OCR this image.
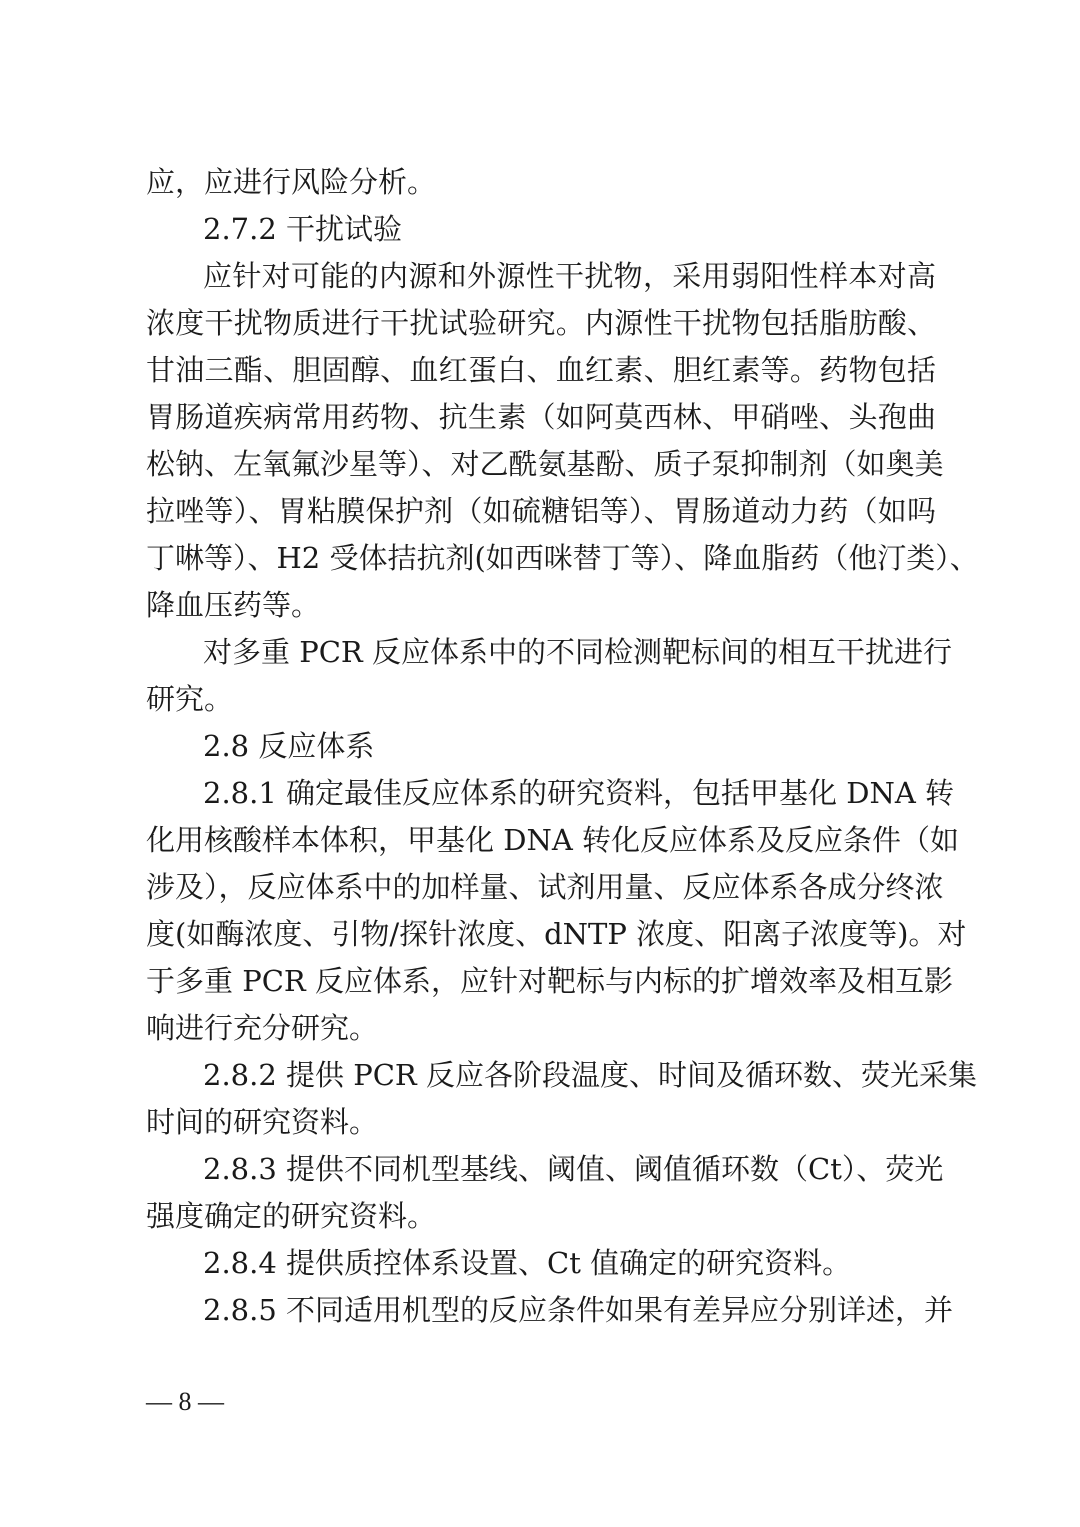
应，应进行风险分析。
2.7.2 干扰试验
应针对可能的内源和外源性干扰物，采用弱阳性样本对高
浓度干扰物质进行干扰试验研究。内源性干扰物包括脂肪酸、
甘油三酯、胆固醇、血红蛋白、血红素、胆红素等。药物包括
胃肠道疾病常用药物、抗生素（如阿莫西林、甲硝唑、头孢曲
松钠、左氧氟沙星等）、对乙酰氨基酚、质子泵抑制剂（如奥美
拉唑等）、胃粘膜保护剂（如硫糖铝等）、胃肠道动力药（如吗
丁啉等）、H2 受体拮抗剂(如西咪替丁等）、降血脂药（他汀类）、
降血压药等。
对多重 PCR 反应体系中的不同检测靶标间的相互干扰进行
研究。
2.8 反应体系
2.8.1 确定最佳反应体系的研究资料，包括甲基化 DNA 转
化用核酸样本体积，甲基化 DNA 转化反应体系及反应条件（如
涉及），反应体系中的加样量、试剂用量、反应体系各成分终浓
度(如酶浓度、引物/探针浓度、dNTP 浓度、阳离子浓度等)。对
于多重 PCR 反应体系，应针对靶标与内标的扩增效率及相互影
响进行充分研究。
2.8.2 提供 PCR 反应各阶段温度、时间及循环数、荧光采集
时间的研究资料。
2.8.3 提供不同机型基线、阈值、阈值循环数（Ct）、荧光
强度确定的研究资料。
2.8.4 提供质控体系设置、Ct 值确定的研究资料。
2.8.5 不同适用机型的反应条件如果有差异应分别详述，并
— 8 —
